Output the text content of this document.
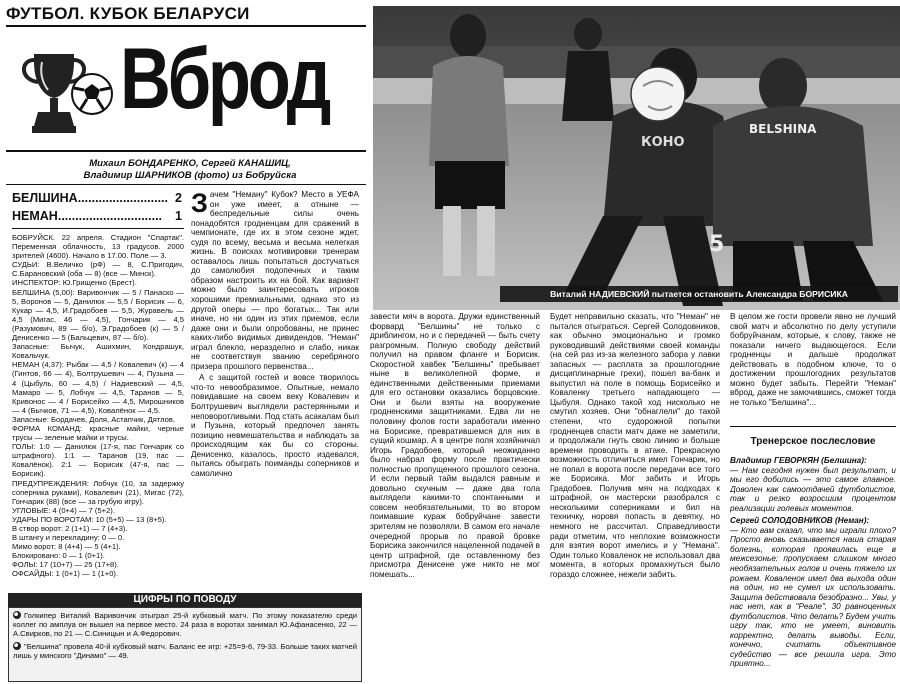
ФУТБОЛ. КУБОК БЕЛАРУСИ
Вброд
Михаил БОНДАРЕНКО, Сергей КАНАШИЦ,
Владимир ШАРНИКОВ (фото) из Бобруйска
БЕЛШИНА.......................... 2
НЕМАН..............................	1

БОБРУЙСК. 22 апреля. Стадион "Спартак". Переменная облачность, 13 градусов. 2000 зрителей (4600). Начало в 17.00. Поле — 3.

СУДЬИ: В.Величко (рФ) — 8, С.Пригодич, С.Барановский (оба — 8) (все — Минск).

ИНСПЕКТОР: Ю.Грищенко (Брест).

БЕЛШИНА (5,00): Варивончик — 5 / Панаско — 5, Воронов — 5, Данилюк — 5,5 / Борисик — 6, Кукар — 4,5, И.Градобоев — 5,5, Журавель — 4,5 (Мигас, 46 — 4,5), Гончарик — 4,5 (Разумович, 89 — б/о), Э.Градобоев (к) — 5 / Денисенко — 5 (Бальцевич, 87 — б/о).

Запасные: Бычук, Ашихмин, Кондрашук, Ковальчук.

НЕМАН (4,37): Рыбак — 4,5 / Ковалевич (к) — 4 (Гинтов, 66 — 4), Болтрушевич — 4, Пузына — 4 (Цыбуль, 60 — 4,5) / Надиевский — 4,5, Мамаро — 5, Лобчук — 4,5, Таранов — 5, Кривонос — 4 / Борисейко — 4,5, Мирошников — 4 (Бычков, 71 — 4,5), Ковалёнок — 4,5.

Запасные: Бордачев, Доля, Астапчик, Дятлов.

ФОРМА КОМАНД: красные майки, черные трусы — зеленые майки и трусы.

ГОЛЫ: 1:0 — Данилюк (17-я, пас Гончарик со штрафного). 1:1 — Таранов (19, пас — Ковалёнок). 2:1 — Борисик (47-я, пас — Борисик).

ПРЕДУПРЕЖДЕНИЯ: Лобчук (10, за задержку соперника руками), Ковалевич (21), Мигас (72), Гончарик (88) (все — за грубую игру).

УГЛОВЫЕ: 4 (0+4) — 7 (5+2).

УДАРЫ ПО ВОРОТАМ: 10 (5+5) — 13 (8+5).

В створ ворот: 2 (1+1) — 7 (4+3).

В штангу и перекладину: 0 — 0.

Мимо ворот: 8 (4+4) — 5 (4+1).

Блокировано: 0 — 1 (0+1).

ФОЛЫ: 17 (10+7) — 25 (17+8).

ОФСАЙДЫ: 1 (0+1) — 1 (1+0).

Зачем "Неману" Кубок? Место в УЕФА он уже имеет, а отныне — беспредельные силы очень понадобятся гродненцам для сражений в чемпионате, где их в этом сезоне ждет, судя по всему, весьма и весьма нелегкая жизнь. В поисках мотивировки тренерам оставалось лишь попытаться достучаться до самолюбия подопечных и таким образом настроить их на бой. Как вариант можно было заинтересовать игроков хорошими премиальными, однако это из другой оперы — про богатых... Так или иначе, но ни один из этих приемов, если даже они и были опробованы, не принес каких-либо видимых дивидендов. "Неман" играл блекло, неразделно и слабо, никак не соответствуя званию серебряного призера прошлого первенства...

А с защитой гостей и вовсе творилось что-то невообразимое. Опытные, немало повидавшие на своем веку Ковалевич и Болтрушевич выглядели растерянными и неповоротливыми. Под стать асакалам был и Пузына, который предпочел занять позицию невмешательства и наблюдать за происходящим как бы со стороны. Денисенко, казалось, просто издевался, пытаясь обыграть поиманды соперников и самолично

ЦИФРЫ ПО ПОВОДУ

Голкипер Виталий Варивончик отыграл 25-й кубковый матч. По этому показателю среди коллег по амплуа он вышел на первое место. 24 раза в воротах занимал Ю.Афанасенко, 22 — А.Свирков, по 21 — С.Синицын и А.Федорович.

"Белшина" провела 40-й кубковый матч. Баланс ее игр: +25=9-6, 79-33. Больше таких матчей лишь у минского "Динамо" — 49.

КОНО
BELSHINA
5
Виталий НАДИЕВСКИЙ пытается остановить Александра БОРИСИКА

завести мяч в ворота. Дружи единственный форвард "Белшины" не только с дриблингом, но и с передачей — быть счету разгромным. Полную свободу действий получил на правом фланге и Борисик. Скоростной хавбек "Белшины" пребывает ныне в великолепной форме, и единственными действенными приемами для его остановки оказались борцовские. Они и были взяты на вооружение гродненскими защитниками. Едва ли не половину фолов гости заработали именно на Борисике, превратившемся для них в сущий кошмар. А в центре поля хозяйничал Игорь Градобоев, который неожиданно было набрал форму после практически полностью пропущенного прошлого сезона. И если первый тайм выдался равным и довольно скучным — даже два гола выглядели какими-то спонтанными и совсем необязательными, то во втором поимавшие кураж бобруйчане завести зрителям не позволяли. В самом его начале очередной прорыв по правой бровке Борисика закончился нацеленной подачей в центр штрафной, где оставленному без присмотра Денисене уже никто не мог помешать...

Будет неправильно сказать, что "Неман" не пытался отыграться. Сергей Солодовников, как обычно эмоционально и громко руководивший действиями своей команды (на сей раз из-за железного забора у лавки запасных — расплата за прошлогодние дисциплинарные грехи), пошел ва-банк и выпустил на поле в помощь Борисейко и Коваленку третьего нападающего — Цыбуля. Однако такой ход нисколько не смутил хозяев. Они "обнаглели" до такой степени, что судорожной попытки гродненцев спасти матч даже не заметили, и продолжали гнуть свою линию и больше времени проводить в атаке. Прекрасную возможность отличиться имел Гончарик, но не попал в ворота после передачи все того же Борисика. Мог забить и Игорь Градобоев. Получив мяч на подходах к штрафной, он мастерски разобрался с несколькими соперниками и бил на техничку, норовя попасть в девятку, но немного не рассчитал. Справедливости ради отметим, что неплохие возможности для взятия ворот имелись и у "Немана". Один только Коваленок не использовал два момента, в которых промахнуться было гораздо сложнее, нежели забить.

В целом же гости провели явно не лучший свой матч и абсолютно по делу уступили бобруйчанам, которые, к слову, также не показали ничего выдающегося. Если гродненцы и дальше продолжат действовать в подобном ключе, то о достижении прошлогодних результатов можно будет забыть. Перейти "Неман" вброд, даже не замочившись, сможет тогда не только "Белшина"...

Тренерское послесловие

Владимир ГЕВОРКЯН (Белшина):

— Нам сегодня нужен был результат, и мы его добились — это самое главное. Доволен как самоотдачей футболистов, так и резко возросшим процентом реализации голевых моментов.

Сергей СОЛОДОВНИКОВ (Неман):

— Кто вам сказал, что мы играли плохо? Просто вновь сказывается наша старая болезнь, которая проявилась еще в межсезонье: пропускаем слишком много необязательных голов и очень тяжело их рожаем. Коваленок имел два выхода один на один, но не сумел их использовать. Защита действовала безобразно... Увы, у нас нет, как в "Реале", 30 равноценных футболистов. Что делать? Будем учить игру так, кто не умеет, виновить корректно, делать выводы. Если, конечно, считать объективное судейство — все решила игра. Это приятно...
